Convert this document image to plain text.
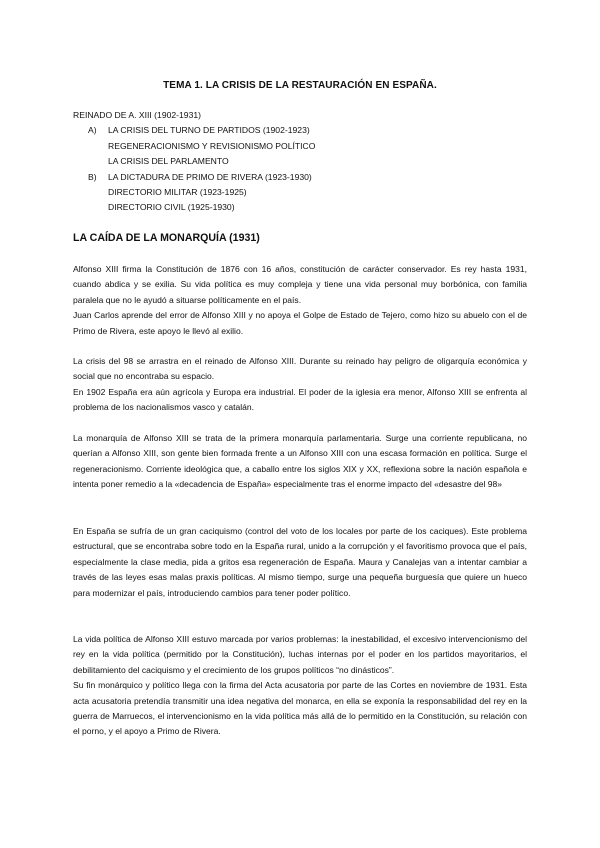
TEMA 1. LA CRISIS DE LA RESTAURACIÓN EN ESPAÑA.
REINADO DE A. XIII (1902-1931)
A)	LA CRISIS DEL TURNO DE PARTIDOS (1902-1923)
REGENERACIONISMO Y REVISIONISMO POLÍTICO
LA CRISIS DEL PARLAMENTO
B)	LA DICTADURA DE PRIMO DE RIVERA (1923-1930)
DIRECTORIO MILITAR (1923-1925)
DIRECTORIO CIVIL (1925-1930)
LA CAÍDA DE LA MONARQUÍA (1931)

Alfonso XIII firma la Constitución de 1876 con 16 años, constitución de carácter conservador. Es rey hasta 1931, cuando abdica y se exilia. Su vida política es muy compleja y tiene una vida personal muy borbónica, con familia paralela que no le ayudó a situarse políticamente en el país.

Juan Carlos aprende del error de Alfonso XIII y no apoya el Golpe de Estado de Tejero, como hizo su abuelo con el de Primo de Rivera, este apoyo le llevó al exilio.

La crisis del 98 se arrastra en el reinado de Alfonso XIII. Durante su reinado hay peligro de oligarquía económica y social que no encontraba su espacio.

En 1902 España era aún agrícola y Europa era industrial. El poder de la iglesia era menor, Alfonso XIII se enfrenta al problema de los nacionalismos vasco y catalán.

La monarquía de Alfonso XIII se trata de la primera monarquía parlamentaria. Surge una corriente republicana, no querían a Alfonso XIII, son gente bien formada frente a un Alfonso XIII con una escasa formación en política. Surge el regeneracionismo. Corriente ideológica que, a caballo entre los siglos XIX y XX, reflexiona sobre la nación española e intenta poner remedio a la «decadencia de España» especialmente tras el enorme impacto del «desastre del 98»

En España se sufría de un gran caciquismo (control del voto de los locales por parte de los caciques). Este problema estructural, que se encontraba sobre todo en la España rural, unido a la corrupción y el favoritismo provoca que el país, especialmente la clase media, pida a gritos esa regeneración de España. Maura y Canalejas van a intentar cambiar a través de las leyes esas malas praxis políticas. Al mismo tiempo, surge una pequeña burguesía que quiere un hueco para modernizar el país, introduciendo cambios para tener poder político.

La vida política de Alfonso XIII estuvo marcada por varios problemas: la inestabilidad, el excesivo intervencionismo del rey en la vida política (permitido por la Constitución), luchas internas por el poder en los partidos mayoritarios, el debilitamiento del caciquismo y el crecimiento de los grupos políticos “no dinásticos”.

Su fin monárquico y político llega con la firma del Acta acusatoria por parte de las Cortes en noviembre de 1931. Esta acta acusatoria pretendía transmitir una idea negativa del monarca, en ella se exponía la responsabilidad del rey en la guerra de Marruecos, el intervencionismo en la vida política más allá de lo permitido en la Constitución, su relación con el porno, y el apoyo a Primo de Rivera.
